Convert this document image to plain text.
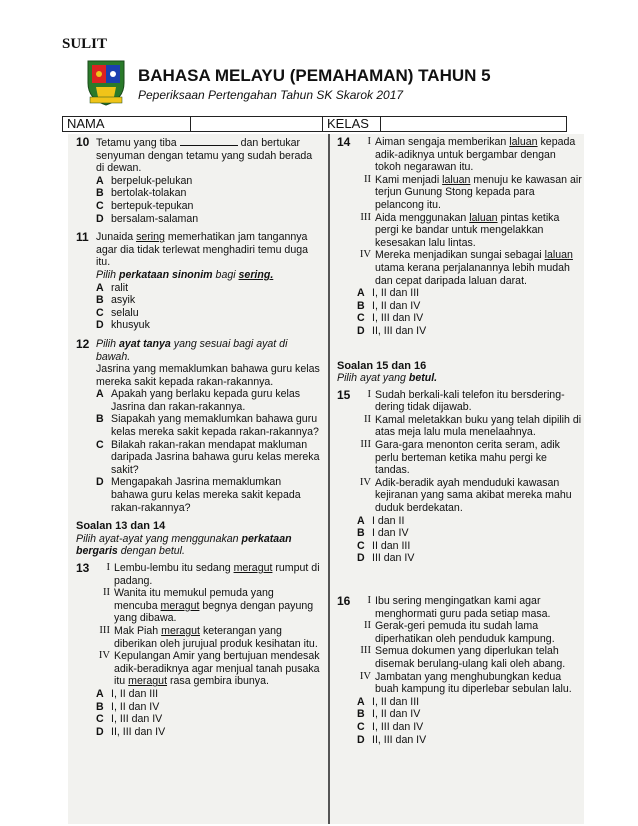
SULIT
BAHASA MELAYU (PEMAHAMAN) TAHUN 5
Peperiksaan Pertengahan Tahun SK Skarok 2017
NAMA	KELAS
10 Tetamu yang tiba	dan bertukar senyuman dengan tetamu yang sudah berada di dewan.
A berpeluk-pelukan
B bertolak-tolakan
C bertepuk-tepukan
D bersalam-salaman
11 Junaida sering memerhatikan jam tangannya agar dia tidak terlewat menghadiri temu duga itu.
Pilih perkataan sinonim bagi sering.
A ralit
B asyik
C selalu
D khusyuk
12 Pilih ayat tanya yang sesuai bagi ayat di bawah.
Jasrina yang memaklumkan bahawa guru kelas mereka sakit kepada rakan-rakannya.
A Apakah yang berlaku kepada guru kelas Jasrina dan rakan-rakannya.
B Siapakah yang memaklumkan bahawa guru kelas mereka sakit kepada rakan-rakannya?
C Bilakah rakan-rakan mendapat makluman daripada Jasrina bahawa guru kelas mereka sakit?
D Mengapakah Jasrina memaklumkan bahawa guru kelas mereka sakit kepada rakan-rakannya?
Soalan 13 dan 14
Pilih ayat-ayat yang menggunakan perkataan bergaris dengan betul.
13	I Lembu-lembu itu sedang meragut rumput di padang.
II Wanita itu memukul pemuda yang mencuba meragut begnya dengan payung yang dibawa.
III Mak Piah meragut keterangan yang diberikan oleh jurujual produk kesihatan itu.
IV Kepulangan Amir yang bertujuan mendesak adik-beradiknya agar menjual tanah pusaka itu meragut rasa gembira ibunya.
A I, II dan III
B I, II dan IV
C I, III dan IV
D II, III dan IV
14	I Aiman sengaja memberikan laluan kepada adik-adiknya untuk bergambar dengan tokoh negarawan itu.
II Kami menjadi laluan menuju ke kawasan air terjun Gunung Stong kepada para pelancong itu.
III Aida menggunakan laluan pintas ketika pergi ke bandar untuk mengelakkan kesesakan lalu lintas.
IV Mereka menjadikan sungai sebagai laluan utama kerana perjalanannya lebih mudah dan cepat daripada laluan darat.
A I, II dan III
B I, II dan IV
C I, III dan IV
D II, III dan IV
Soalan 15 dan 16
Pilih ayat yang betul.
15	I Sudah berkali-kali telefon itu bersdering-dering tidak dijawab.
II Kamal meletakkan buku yang telah dipilih di atas meja lalu mula menelaahnya.
III Gara-gara menonton cerita seram, adik perlu berteman ketika mahu pergi ke tandas.
IV Adik-beradik ayah menduduki kawasan kejiranan yang sama akibat mereka mahu duduk berdekatan.
A I dan II
B I dan IV
C II dan III
D III dan IV
16	I Ibu sering mengingatkan kami agar menghormati guru pada setiap masa.
II Gerak-geri pemuda itu sudah lama diperhatikan oleh penduduk kampung.
III Semua dokumen yang diperlukan telah disemak berulang-ulang kali oleh abang.
IV Jambatan yang menghubungkan kedua buah kampung itu diperlebar sebulan lalu.
A I, II dan III
B I, II dan IV
C I, III dan IV
D II, III dan IV
